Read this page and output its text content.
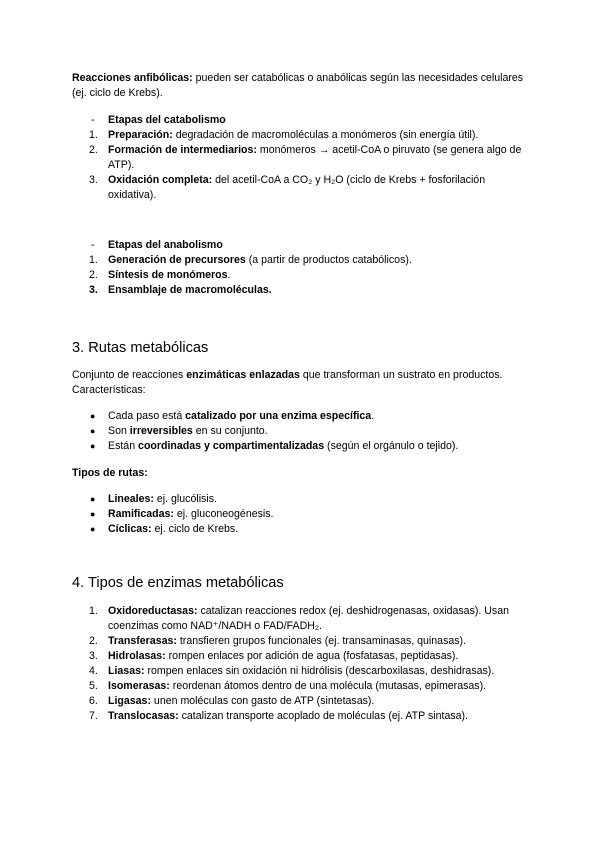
Reacciones anfibólicas: pueden ser catabólicas o anabólicas según las necesidades celulares (ej. ciclo de Krebs).

-	Etapas del catabolismo
1. Preparación: degradación de macromoléculas a monómeros (sin energía útil).
2. Formación de intermediarios: monómeros → acetil-CoA o piruvato (se genera algo de ATP).
3. Oxidación completa: del acetil-CoA a CO₂ y H₂O (ciclo de Krebs + fosforilación oxidativa).
-	Etapas del anabolismo
1. Generación de precursores (a partir de productos catabólicos).
2. Síntesis de monómeros.
3. Ensamblaje de macromoléculas.
3. Rutas metabólicas

Conjunto de reacciones enzimáticas enlazadas que transforman un sustrato en productos. Características:

●	Cada paso está catalizado por una enzima específica.
●	Son irreversibles en su conjunto.
●	Están coordinadas y compartimentalizadas (según el orgánulo o tejido).

Tipos de rutas:

●	Lineales: ej. glucólisis.
●	Ramificadas: ej. gluconeogénesis.
●	Cíclicas: ej. ciclo de Krebs.
4. Tipos de enzimas metabólicas
1. Oxidoreductasas: catalizan reacciones redox (ej. deshidrogenasas, oxidasas). Usan coenzimas como NAD⁺/NADH o FAD/FADH₂.
2. Transferasas: transfieren grupos funcionales (ej. transaminasas, quinasas).
3. Hidrolasas: rompen enlaces por adición de agua (fosfatasas, peptidasas).
4. Liasas: rompen enlaces sin oxidación ni hidrólisis (descarboxilasas, deshidrasas).
5. Isomerasas: reordenan átomos dentro de una molécula (mutasas, epimerasas).
6. Ligasas: unen moléculas con gasto de ATP (sintetasas).
7. Translocasas: catalizan transporte acoplado de moléculas (ej. ATP sintasa).
